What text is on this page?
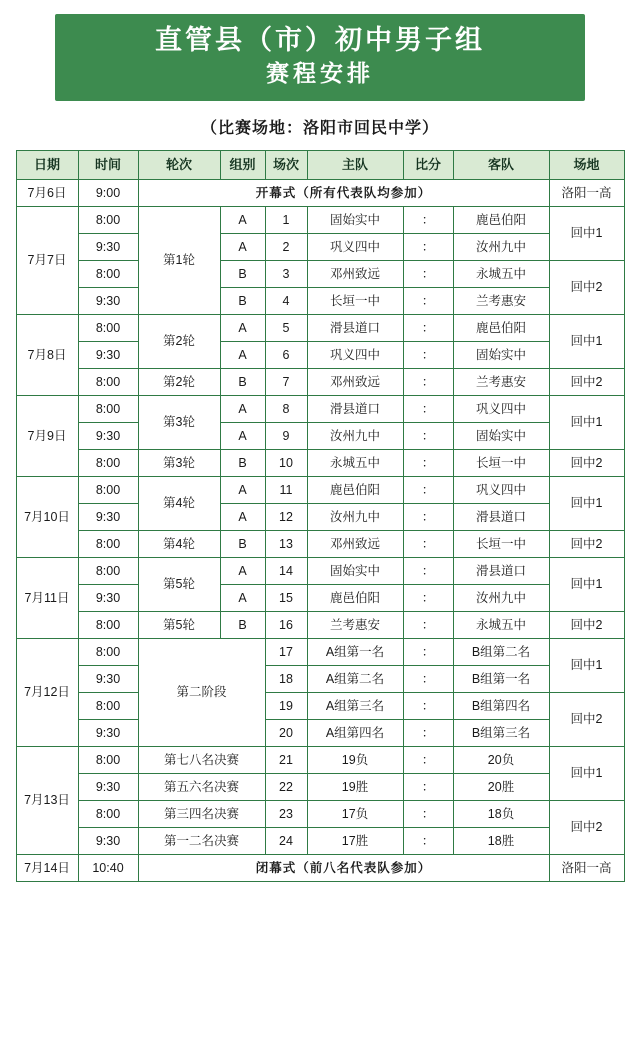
直管县（市）初中男子组
赛程安排
（比赛场地：洛阳市回民中学）
日期	时间	轮次	组别	场次	主队	比分	客队	场地
7月6日	9:00	开幕式（所有代表队均参加）						洛阳一高
7月7日	8:00	第1轮	A	1	固始实中	：	鹿邑伯阳	回中1
	9:30		A	2	巩义四中	：	汝州九中	
	8:00		B	3	邓州致远	：	永城五中	回中2
	9:30		B	4	长垣一中	：	兰考惠安	
7月8日	8:00	第2轮	A	5	滑县道口	：	鹿邑伯阳	回中1
	9:30		A	6	巩义四中	：	固始实中	
	8:00	第2轮	B	7	邓州致远	：	兰考惠安	回中2
7月9日	8:00	第3轮	A	8	滑县道口	：	巩义四中	回中1
	9:30		A	9	汝州九中	：	固始实中	
	8:00	第3轮	B	10	永城五中	：	长垣一中	回中2
7月10日	8:00	第4轮	A	11	鹿邑伯阳	：	巩义四中	回中1
	9:30		A	12	汝州九中	：	滑县道口	
	8:00	第4轮	B	13	邓州致远	：	长垣一中	回中2
7月11日	8:00	第5轮	A	14	固始实中	：	滑县道口	回中1
	9:30		A	15	鹿邑伯阳	：	汝州九中	
	8:00	第5轮	B	16	兰考惠安	：	永城五中	回中2
7月12日	8:00	第二阶段		17	A组第一名	：	B组第二名	回中1
	9:30			18	A组第二名	：	B组第一名	
	8:00			19	A组第三名	：	B组第四名	回中2
	9:30			20	A组第四名	：	B组第三名	
7月13日	8:00	第七八名决赛		21	19负	：	20负	回中1
	9:30	第五六名决赛		22	19胜	：	20胜	
	8:00	第三四名决赛		23	17负	：	18负	回中2
	9:30	第一二名决赛		24	17胜	：	18胜	
7月14日	10:40	闭幕式（前八名代表队参加）						洛阳一高
